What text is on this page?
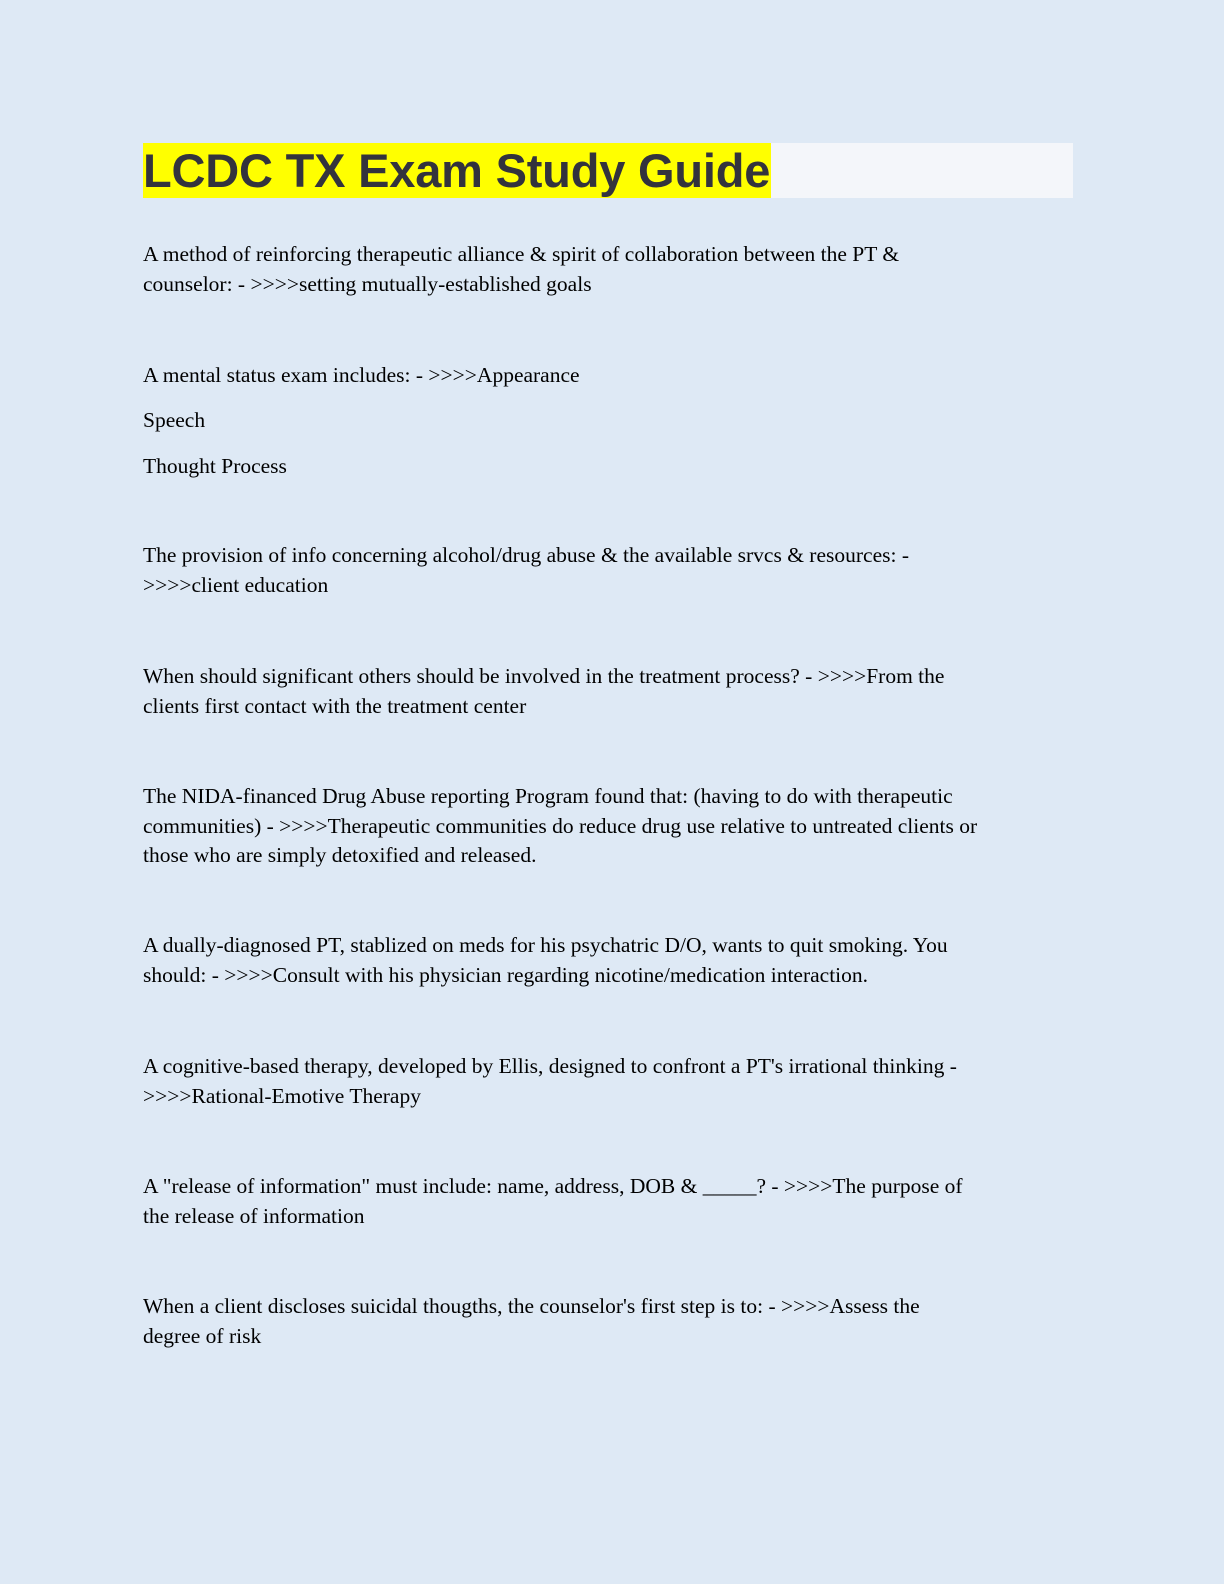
LCDC TX Exam Study Guide

A method of reinforcing therapeutic alliance & spirit of collaboration between the PT &
counselor: - >>>>setting mutually-established goals

A mental status exam includes: - >>>>Appearance

Speech

Thought Process

The provision of info concerning alcohol/drug abuse & the available srvcs & resources: -
>>>>client education

When should significant others should be involved in the treatment process? - >>>>From the
clients first contact with the treatment center

The NIDA-financed Drug Abuse reporting Program found that: (having to do with therapeutic
communities) - >>>>Therapeutic communities do reduce drug use relative to untreated clients or
those who are simply detoxified and released.

A dually-diagnosed PT, stablized on meds for his psychatric D/O, wants to quit smoking. You
should: - >>>>Consult with his physician regarding nicotine/medication interaction.

A cognitive-based therapy, developed by Ellis, designed to confront a PT's irrational thinking -
>>>>Rational-Emotive Therapy

A "release of information" must include: name, address, DOB & _____? - >>>>The purpose of
the release of information

When a client discloses suicidal thougths, the counselor's first step is to: - >>>>Assess the
degree of risk
